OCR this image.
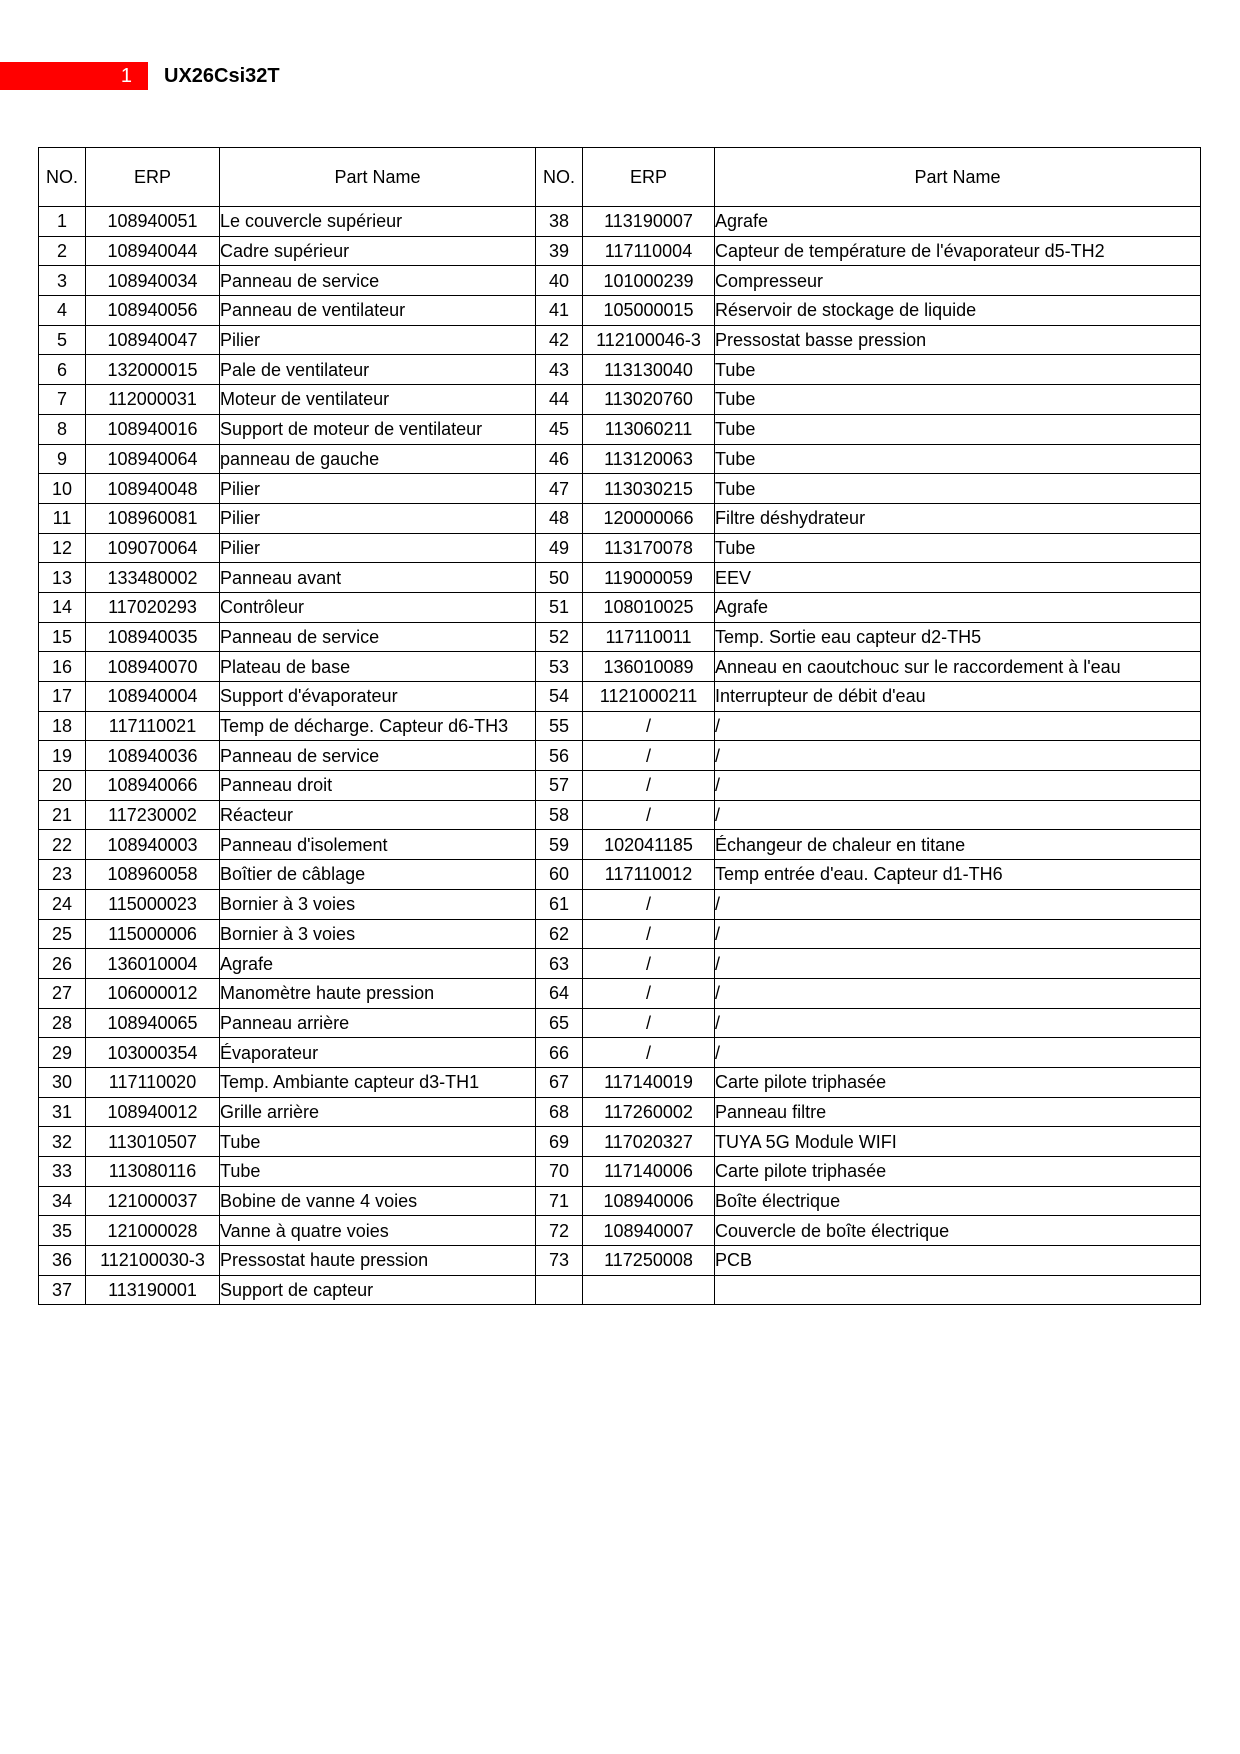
1	UX26Csi32T
NO.	ERP	Part Name	NO.	ERP	Part Name
1	108940051	Le couvercle supérieur	38	113190007	Agrafe
2	108940044	Cadre supérieur	39	117110004	Capteur de température de l'évaporateur d5-TH2
3	108940034	Panneau de service	40	101000239	Compresseur
4	108940056	Panneau de ventilateur	41	105000015	Réservoir de stockage de liquide
5	108940047	Pilier	42	112100046-3	Pressostat basse pression
6	132000015	Pale de ventilateur	43	113130040	Tube
7	112000031	Moteur de ventilateur	44	113020760	Tube
8	108940016	Support de moteur de ventilateur	45	113060211	Tube
9	108940064	panneau de gauche	46	113120063	Tube
10	108940048	Pilier	47	113030215	Tube
11	108960081	Pilier	48	120000066	Filtre déshydrateur
12	109070064	Pilier	49	113170078	Tube
13	133480002	Panneau avant	50	119000059	EEV
14	117020293	Contrôleur	51	108010025	Agrafe
15	108940035	Panneau de service	52	117110011	Temp. Sortie eau capteur d2-TH5
16	108940070	Plateau de base	53	136010089	Anneau en caoutchouc sur le raccordement à l'eau
17	108940004	Support d'évaporateur	54	1121000211	Interrupteur de débit d'eau
18	117110021	Temp de décharge. Capteur d6-TH3	55	/	/
19	108940036	Panneau de service	56	/	/
20	108940066	Panneau droit	57	/	/
21	117230002	Réacteur	58	/	/
22	108940003	Panneau d'isolement	59	102041185	Échangeur de chaleur en titane
23	108960058	Boîtier de câblage	60	117110012	Temp entrée d'eau. Capteur d1-TH6
24	115000023	Bornier à 3 voies	61	/	/
25	115000006	Bornier à 3 voies	62	/	/
26	136010004	Agrafe	63	/	/
27	106000012	Manomètre haute pression	64	/	/
28	108940065	Panneau arrière	65	/	/
29	103000354	Évaporateur	66	/	/
30	117110020	Temp. Ambiante capteur d3-TH1	67	117140019	Carte pilote triphasée
31	108940012	Grille arrière	68	117260002	Panneau filtre
32	113010507	Tube	69	117020327	TUYA 5G Module WIFI
33	113080116	Tube	70	117140006	Carte pilote triphasée
34	121000037	Bobine de vanne 4 voies	71	108940006	Boîte électrique
35	121000028	Vanne à quatre voies	72	108940007	Couvercle de boîte électrique
36	112100030-3	Pressostat haute pression	73	117250008	PCB
37	113190001	Support de capteur			
